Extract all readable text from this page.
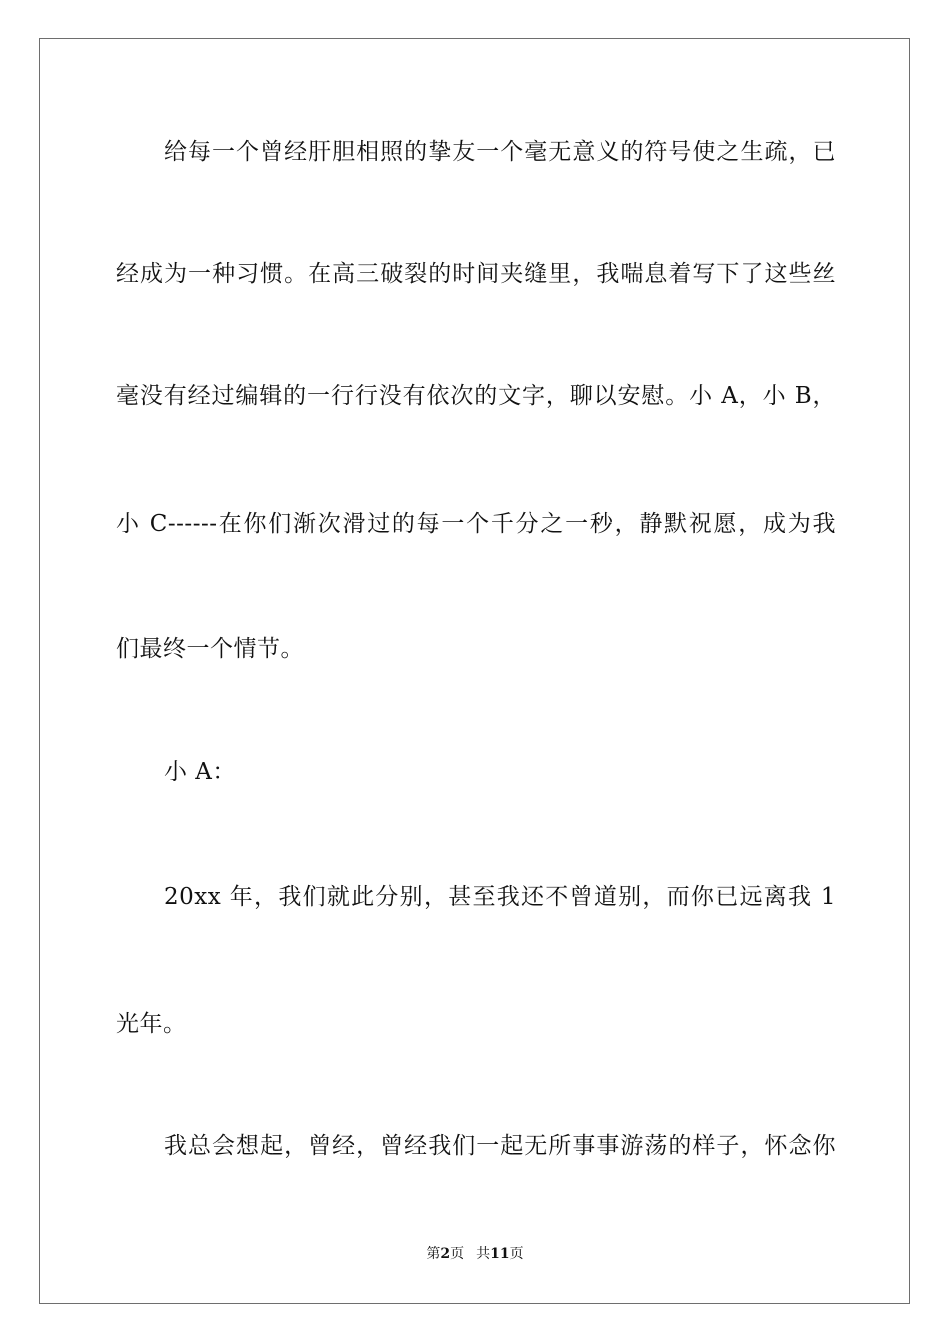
给每一个曾经肝胆相照的挚友一个毫无意义的符号使之生疏，已
经成为一种习惯。在高三破裂的时间夹缝里，我喘息着写下了这些丝
毫没有经过编辑的一行行没有依次的文字，聊以安慰。小 A，小 B，
小 C------在你们渐次滑过的每一个千分之一秒，静默祝愿，成为我
们最终一个情节。
小 A：
20xx 年，我们就此分别，甚至我还不曾道别，而你已远离我 1
光年。
我总会想起，曾经，曾经我们一起无所事事游荡的样子，怀念你
第2页 共11页
